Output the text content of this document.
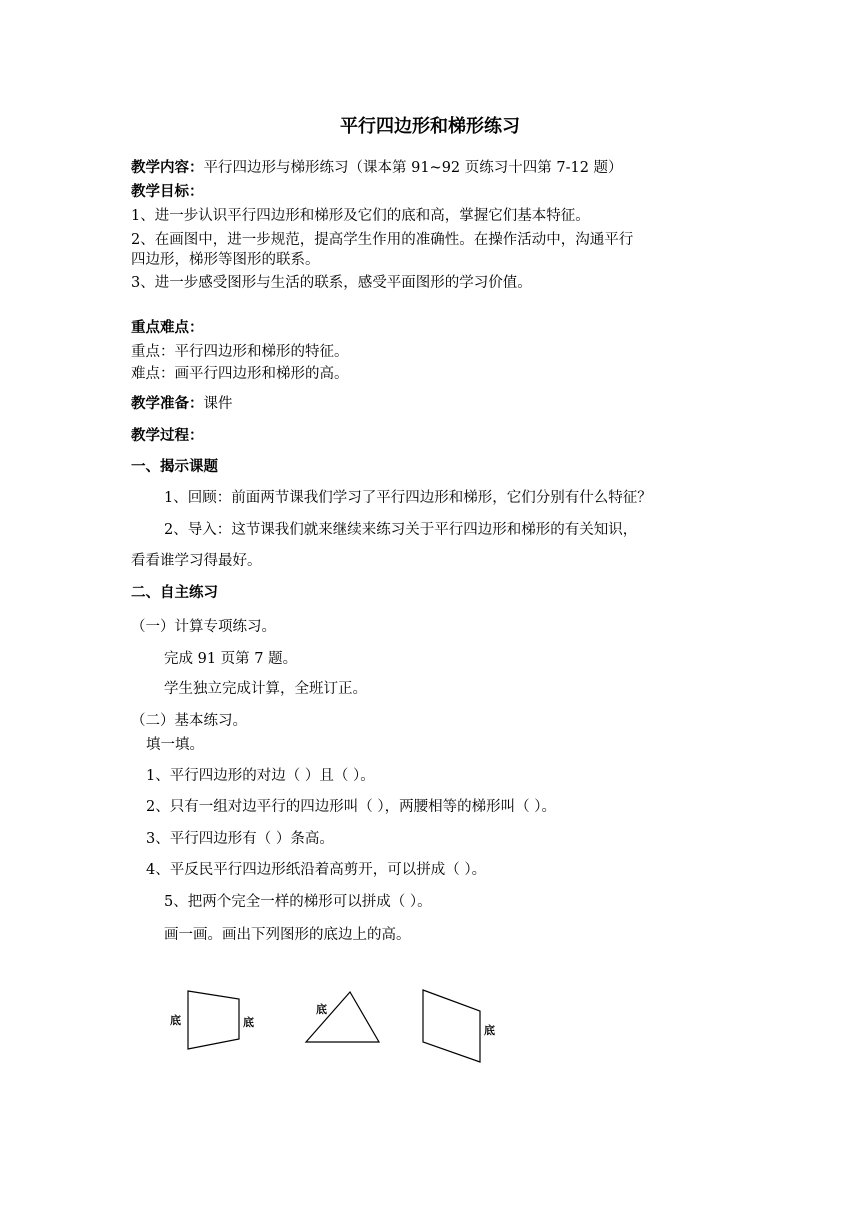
平行四边形和梯形练习
教学内容：平行四边形与梯形练习（课本第 91~92 页练习十四第 7-12 题）
教学目标：
1、进一步认识平行四边形和梯形及它们的底和高，掌握它们基本特征。
2、在画图中，进一步规范，提高学生作用的准确性。在操作活动中，沟通平行
四边形，梯形等图形的联系。
3、进一步感受图形与生活的联系，感受平面图形的学习价值。
重点难点：
重点：平行四边形和梯形的特征。
难点：画平行四边形和梯形的高。
教学准备：课件
教学过程：
一、揭示课题
1、回顾：前面两节课我们学习了平行四边形和梯形，它们分别有什么特征？
2、导入：这节课我们就来继续来练习关于平行四边形和梯形的有关知识，
看看谁学习得最好。
二、自主练习
（一）计算专项练习。
完成 91 页第 7 题。
学生独立完成计算，全班订正。
（二）基本练习。
填一填。
1、平行四边形的对边（ ）且（ ）。
2、只有一组对边平行的四边形叫（ ），两腰相等的梯形叫（ ）。
3、平行四边形有（ ）条高。
4、平反民平行四边形纸沿着高剪开，可以拼成（ ）。
5、把两个完全一样的梯形可以拼成（ ）。
画一画。画出下列图形的底边上的高。
底	底
底
底
